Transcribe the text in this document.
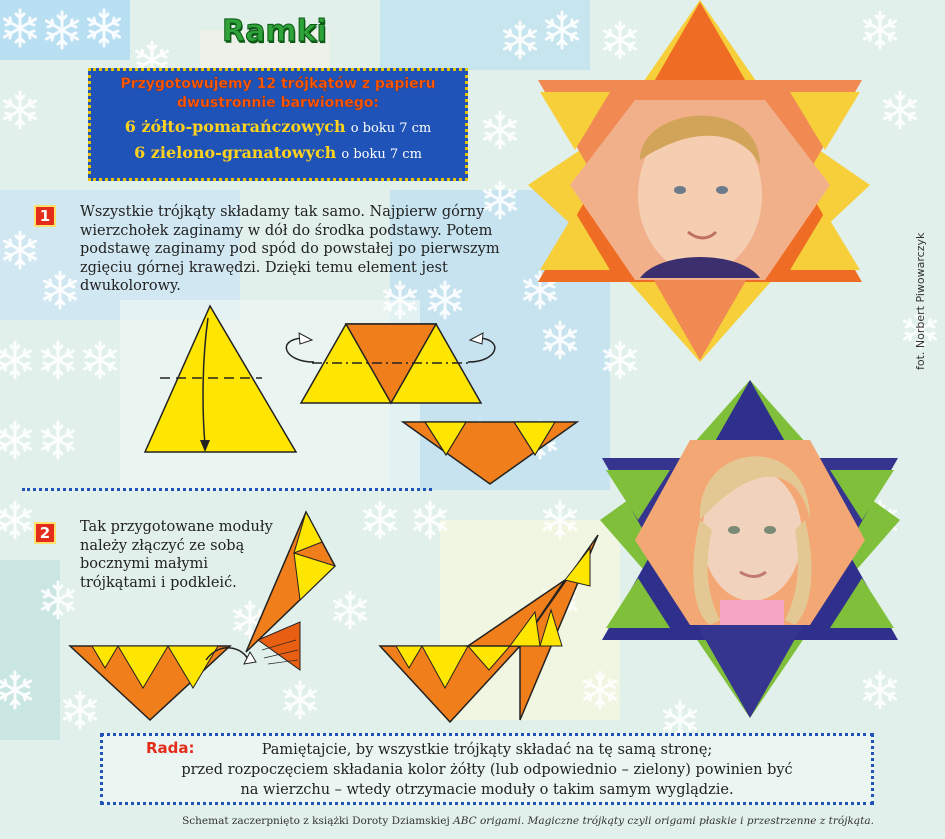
Ramki
Przygotowujemy 12 trójkątów z papieru
dwustronnie barwionego:
6 żółto-pomarańczowych o boku 7 cm
6 zielono-granatowych o boku 7 cm
1	Wszystkie trójkąty składamy tak samo. Najpierw górny
wierzchołek zaginamy w dół do środka podstawy. Potem
podstawę zaginamy pod spód do powstałej po pierwszym
zgięciu górnej krawędzi. Dzięki temu element jest
dwukolorowy.
2	Tak przygotowane moduły
należy złączyć ze sobą
bocznymi małymi
trójkątami i podkleić.
fot. Norbert Piwowarczyk
Pamiętajcie, by wszystkie trójkąty składać na tę samą stronę;
przed rozpoczęciem składania kolor żółty (lub odpowiednio – zielony) powinien być
na wierzchu – wtedy otrzymacie moduły o takim samym wyglądzie.
Rada:
Schemat zaczerpnięto z książki Doroty Dziamskiej ABC origami. Magiczne trójkąty czyli origami płaskie i przestrzenne z trójkąta.
